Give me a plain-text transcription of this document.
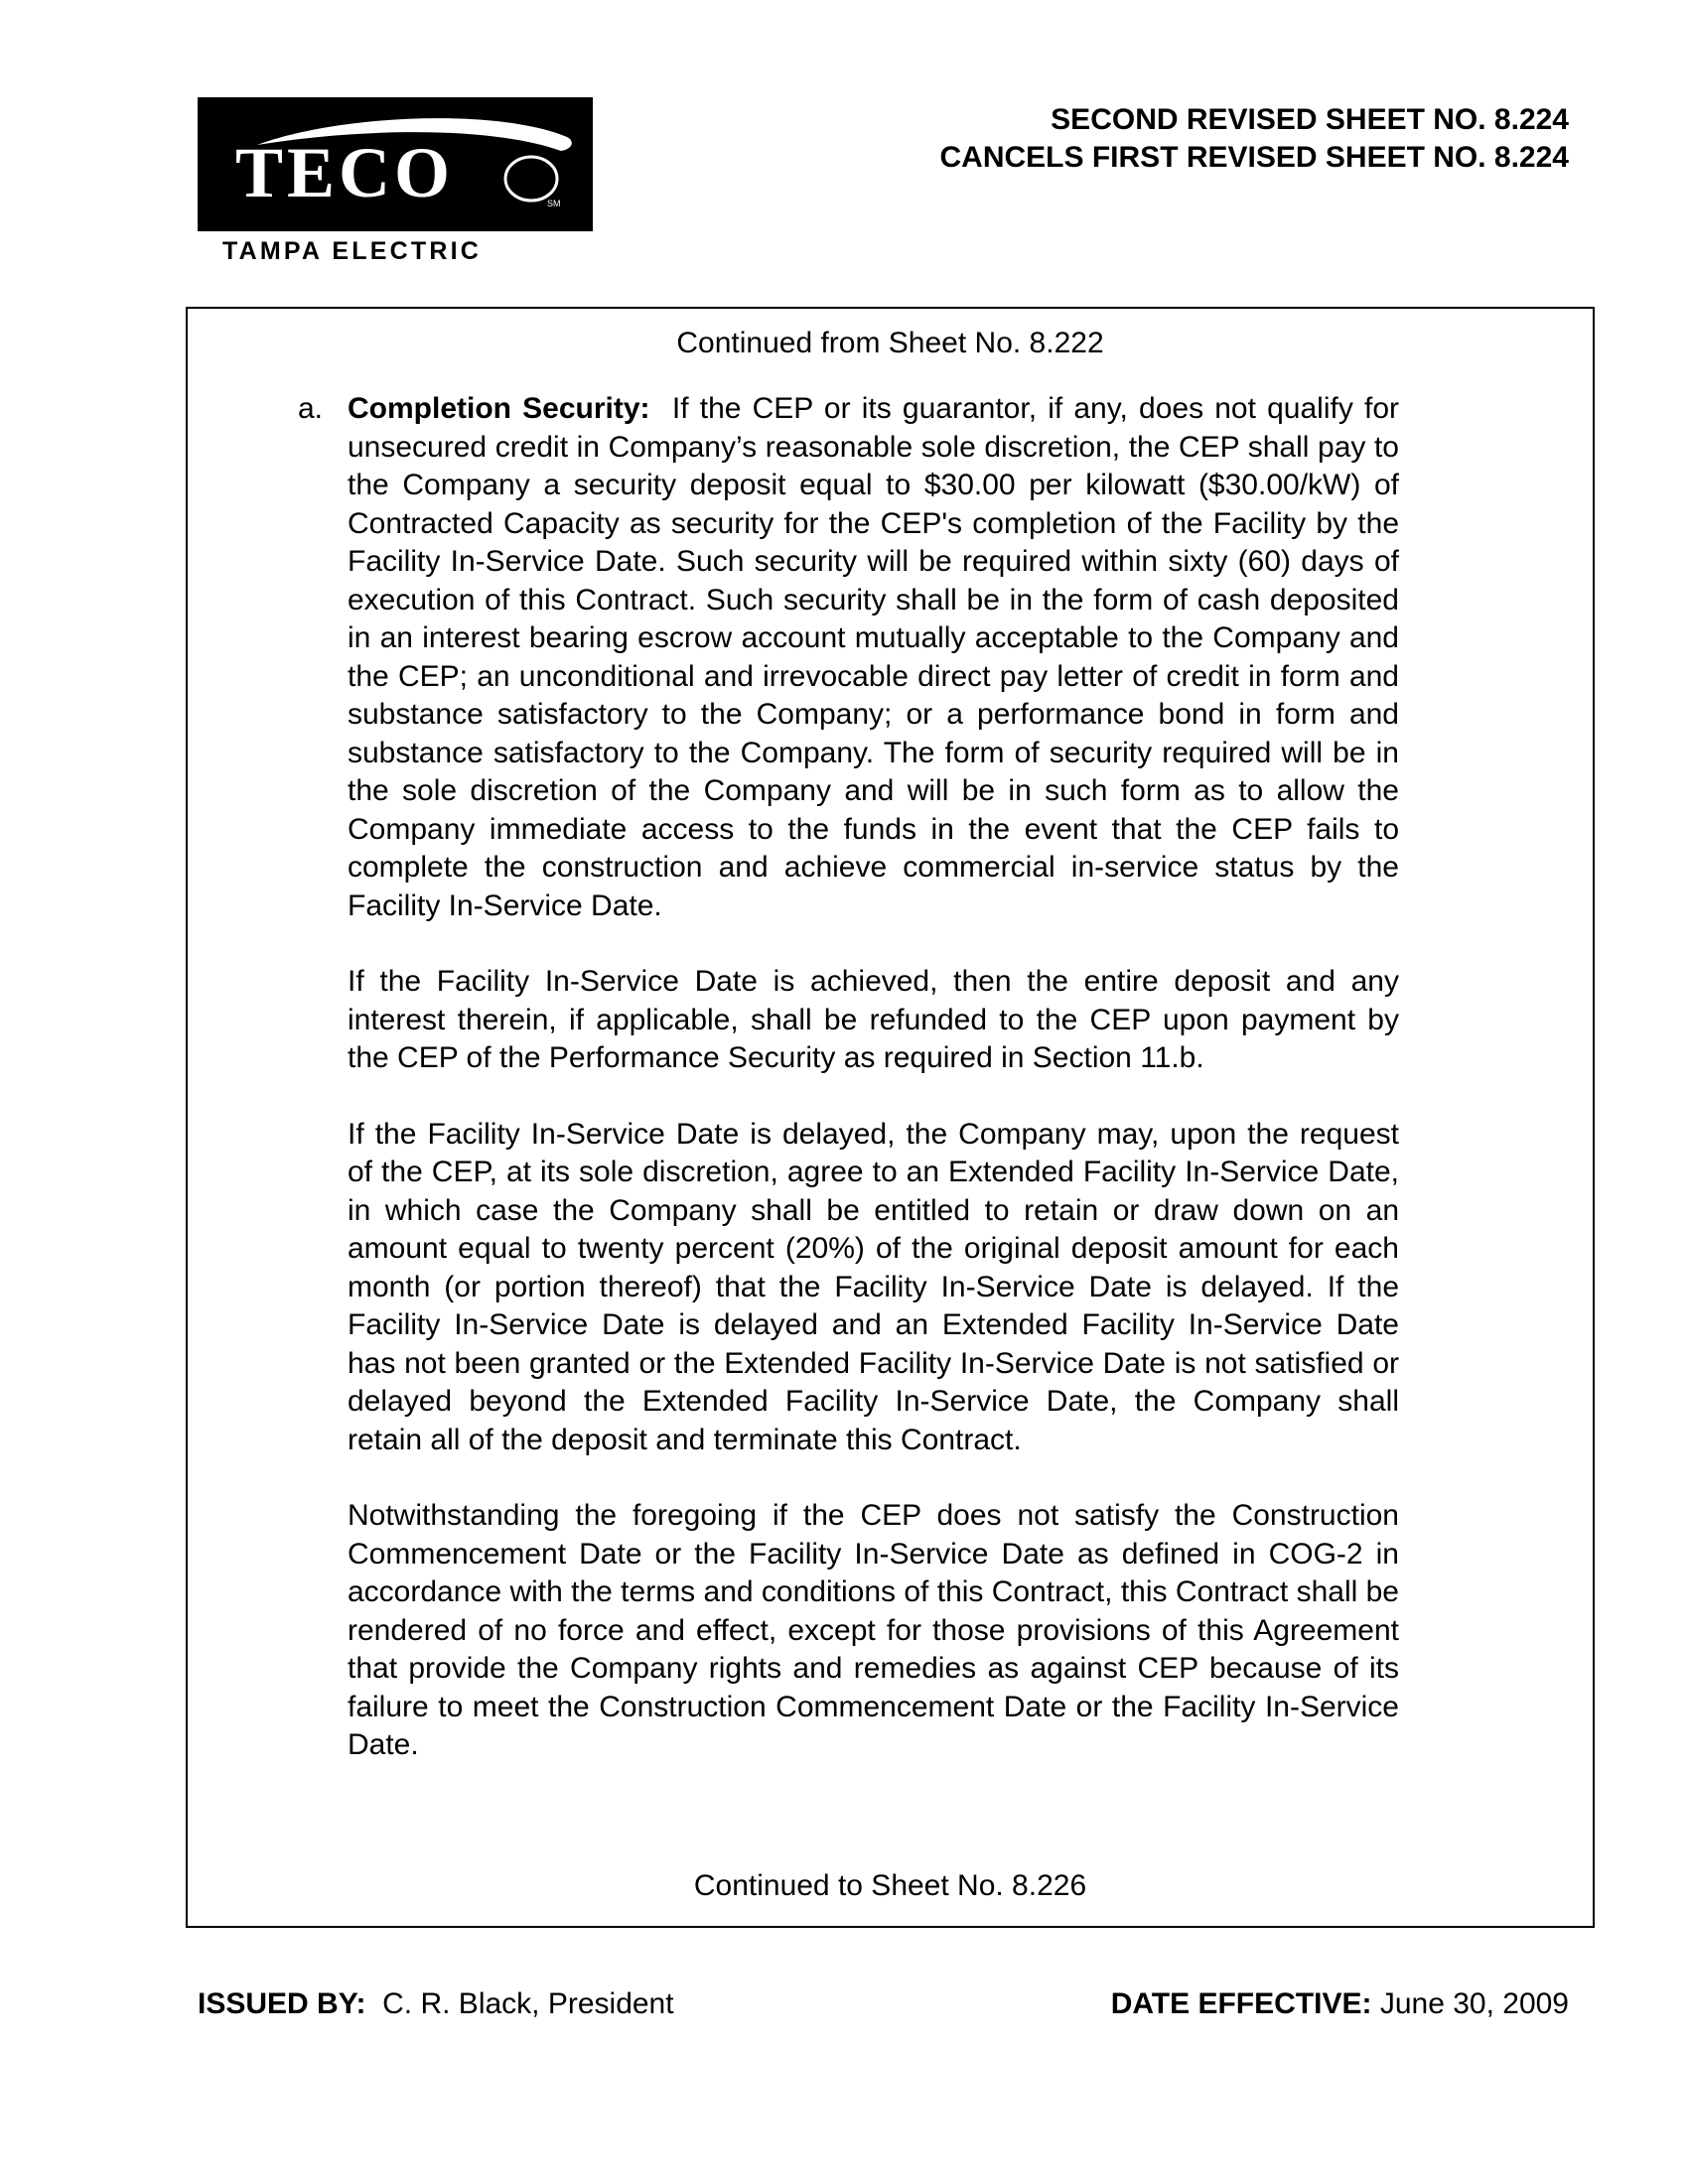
TECO	SM
TAMPA ELECTRIC
SECOND REVISED SHEET NO. 8.224
CANCELS FIRST REVISED SHEET NO. 8.224
Continued from Sheet No. 8.222
a. Completion Security: If the CEP or its guarantor, if any, does not qualify for unsecured credit in Company’s reasonable sole discretion, the CEP shall pay to the Company a security deposit equal to $30.00 per kilowatt ($30.00/kW) of Contracted Capacity as security for the CEP's completion of the Facility by the Facility In-Service Date. Such security will be required within sixty (60) days of execution of this Contract. Such security shall be in the form of cash deposited in an interest bearing escrow account mutually acceptable to the Company and the CEP; an unconditional and irrevocable direct pay letter of credit in form and substance satisfactory to the Company; or a performance bond in form and substance satisfactory to the Company. The form of security required will be in the sole discretion of the Company and will be in such form as to allow the Company immediate access to the funds in the event that the CEP fails to complete the construction and achieve commercial in-service status by the Facility In-Service Date.

If the Facility In-Service Date is achieved, then the entire deposit and any interest therein, if applicable, shall be refunded to the CEP upon payment by the CEP of the Performance Security as required in Section 11.b.

If the Facility In-Service Date is delayed, the Company may, upon the request of the CEP, at its sole discretion, agree to an Extended Facility In-Service Date, in which case the Company shall be entitled to retain or draw down on an amount equal to twenty percent (20%) of the original deposit amount for each month (or portion thereof) that the Facility In-Service Date is delayed. If the Facility In-Service Date is delayed and an Extended Facility In-Service Date has not been granted or the Extended Facility In-Service Date is not satisfied or delayed beyond the Extended Facility In-Service Date, the Company shall retain all of the deposit and terminate this Contract.

Notwithstanding the foregoing if the CEP does not satisfy the Construction Commencement Date or the Facility In-Service Date as defined in COG-2 in accordance with the terms and conditions of this Contract, this Contract shall be rendered of no force and effect, except for those provisions of this Agreement that provide the Company rights and remedies as against CEP because of its failure to meet the Construction Commencement Date or the Facility In-Service Date.

Continued to Sheet No. 8.226
ISSUED BY: C. R. Black, President	DATE EFFECTIVE: June 30, 2009
